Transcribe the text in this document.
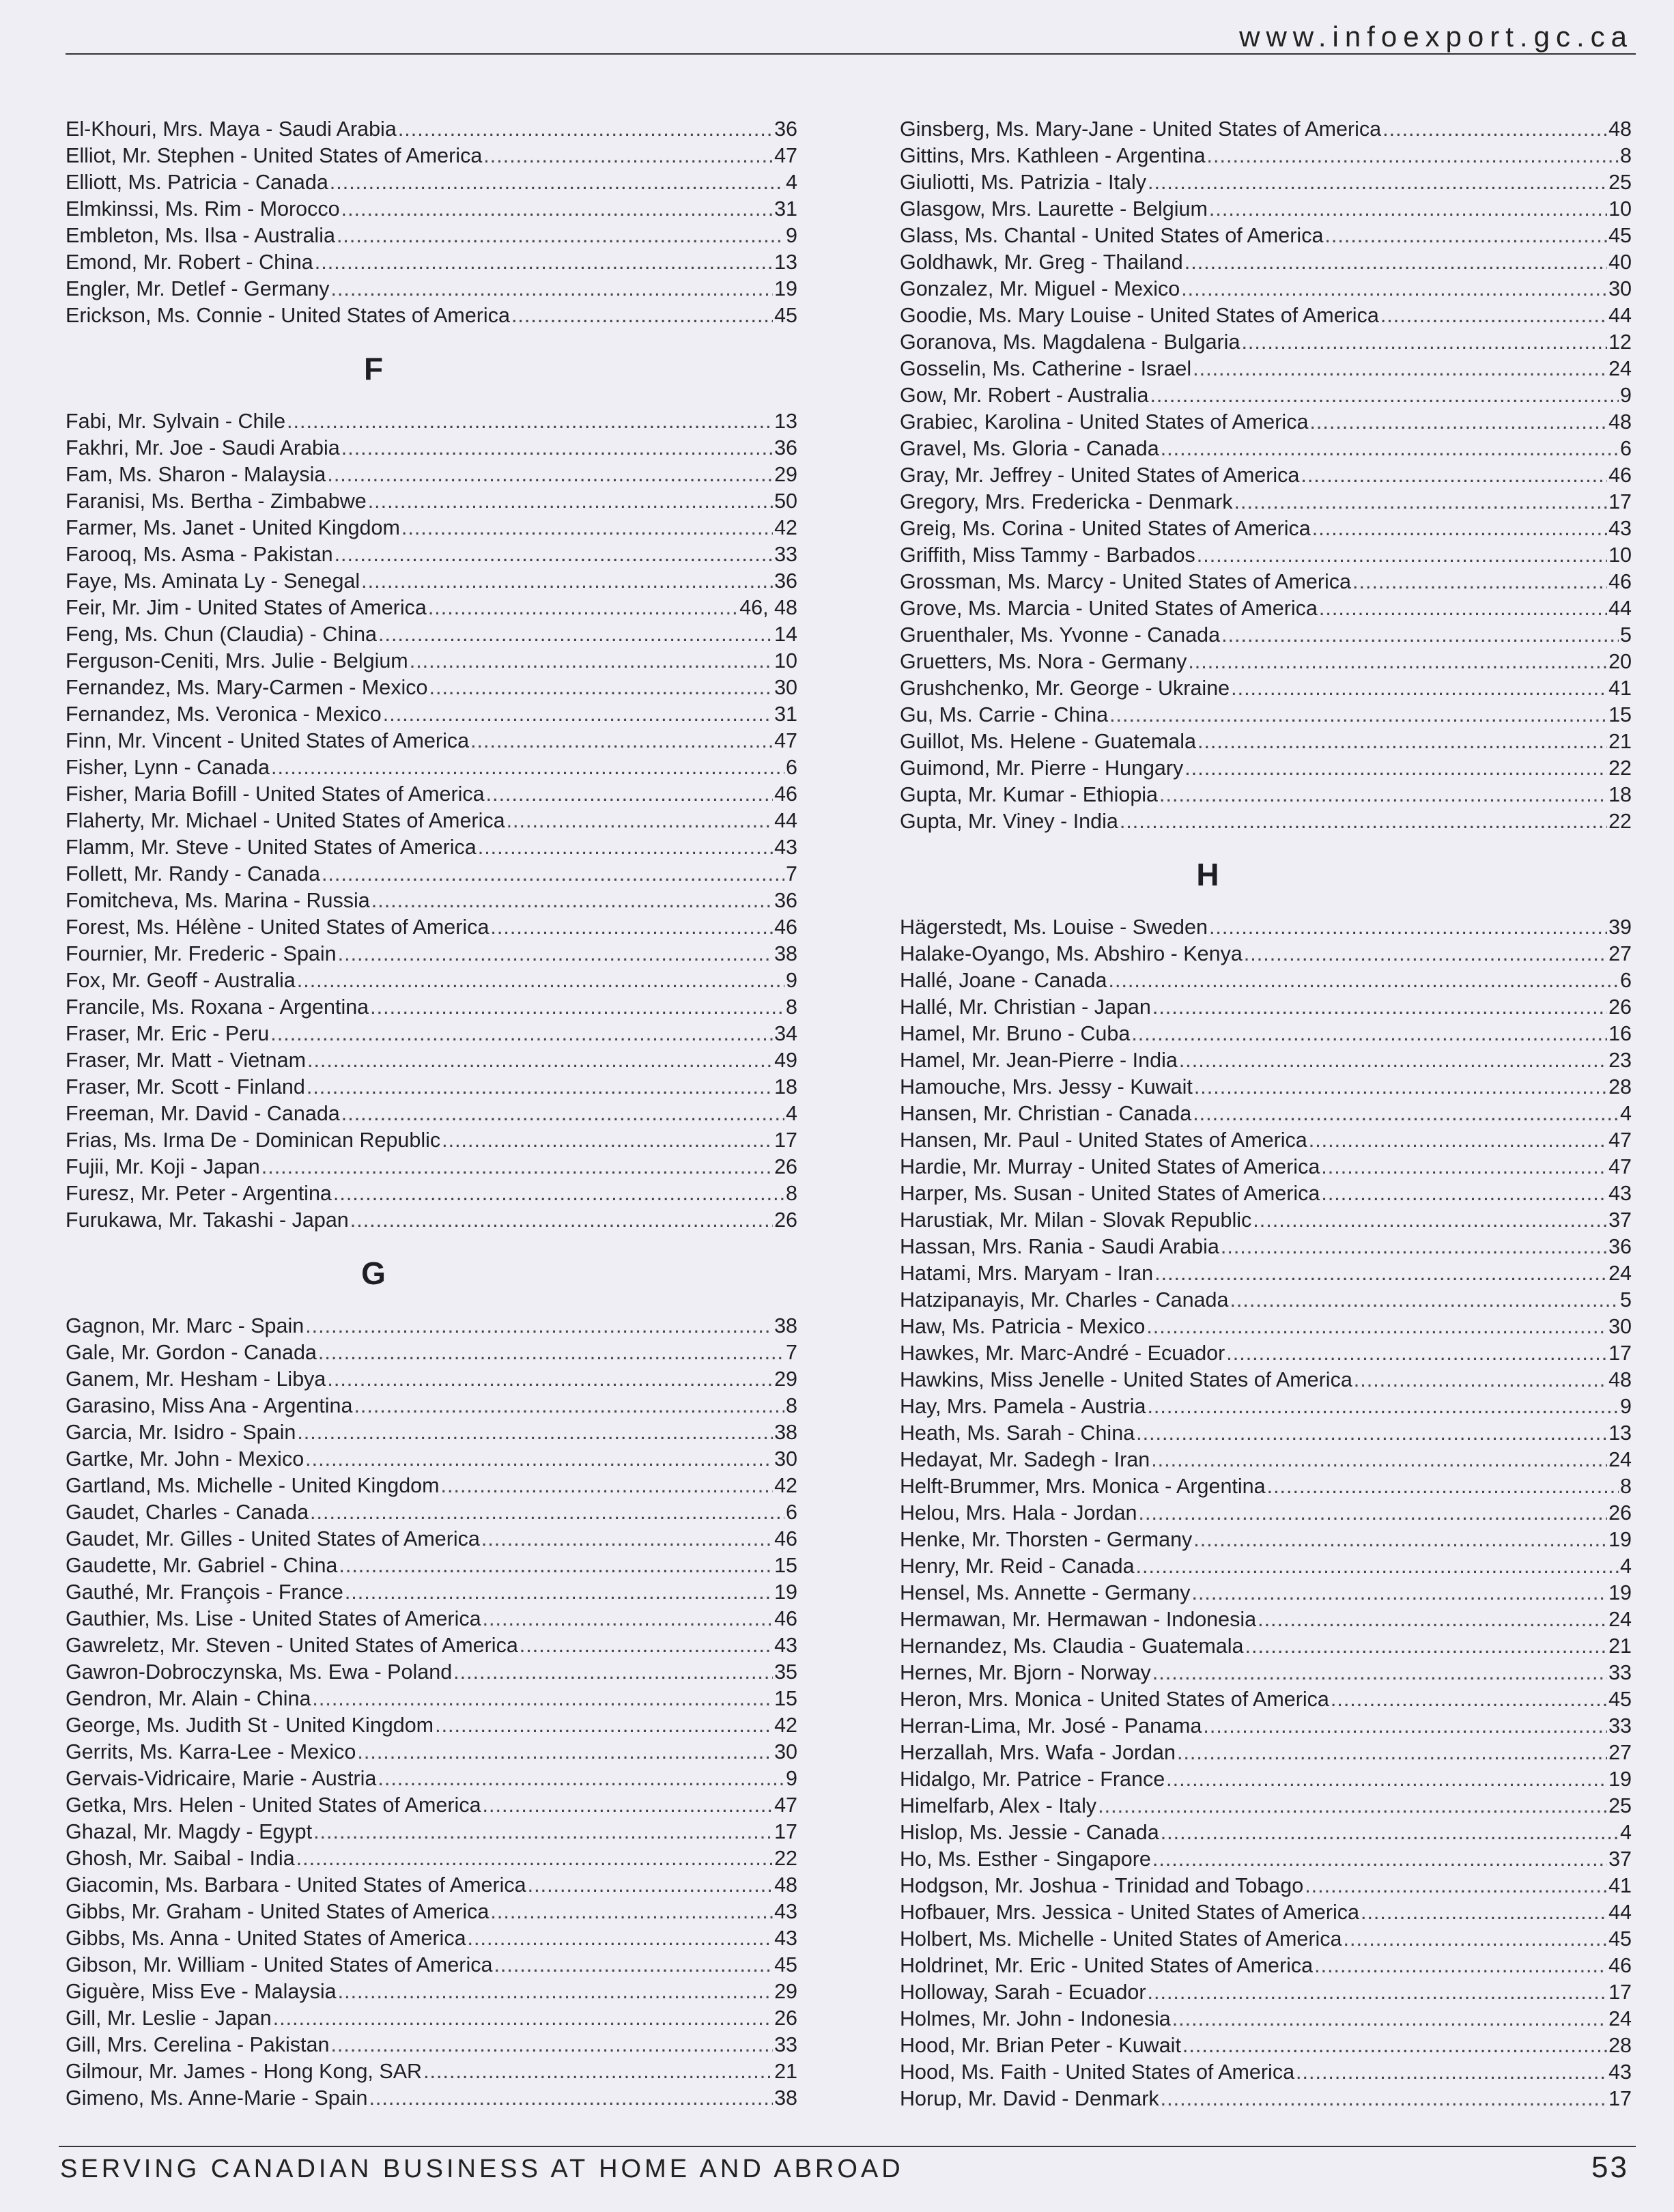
www.infoexport.gc.ca
El-Khouri, Mrs. Maya - Saudi Arabia .....	36
Elliot, Mr. Stephen - United States of America .....	47
Elliott, Ms. Patricia - Canada .....	4
Elmkinssi, Ms. Rim - Morocco .....	31
Embleton, Ms. Ilsa - Australia .....	9
Emond, Mr. Robert - China .....	13
Engler, Mr. Detlef - Germany .....	19
Erickson, Ms. Connie - United States of America .....	45
F
Fabi, Mr. Sylvain - Chile .....	13
Fakhri, Mr. Joe - Saudi Arabia .....	36
Fam, Ms. Sharon - Malaysia .....	29
Faranisi, Ms. Bertha - Zimbabwe .....	50
Farmer, Ms. Janet - United Kingdom .....	42
Farooq, Ms. Asma - Pakistan .....	33
Faye, Ms. Aminata Ly - Senegal .....	36
Feir, Mr. Jim - United States of America .....	46, 48
Feng, Ms. Chun (Claudia) - China .....	14
Ferguson-Ceniti, Mrs. Julie - Belgium .....	10
Fernandez, Ms. Mary-Carmen - Mexico .....	30
Fernandez, Ms. Veronica - Mexico .....	31
Finn, Mr. Vincent - United States of America .....	47
Fisher, Lynn - Canada .....	6
Fisher, Maria Bofill - United States of America .....	46
Flaherty, Mr. Michael - United States of America .....	44
Flamm, Mr. Steve - United States of America .....	43
Follett, Mr. Randy - Canada .....	7
Fomitcheva, Ms. Marina - Russia .....	36
Forest, Ms. Hélène - United States of America .....	46
Fournier, Mr. Frederic - Spain .....	38
Fox, Mr. Geoff - Australia .....	9
Francile, Ms. Roxana - Argentina .....	8
Fraser, Mr. Eric - Peru .....	34
Fraser, Mr. Matt - Vietnam .....	49
Fraser, Mr. Scott - Finland .....	18
Freeman, Mr. David - Canada .....	4
Frias, Ms. Irma De - Dominican Republic .....	17
Fujii, Mr. Koji - Japan .....	26
Furesz, Mr. Peter - Argentina .....	8
Furukawa, Mr. Takashi - Japan .....	26
G
Gagnon, Mr. Marc - Spain .....	38
Gale, Mr. Gordon - Canada .....	7
Ganem, Mr. Hesham - Libya .....	29
Garasino, Miss Ana - Argentina .....	8
Garcia, Mr. Isidro - Spain .....	38
Gartke, Mr. John - Mexico .....	30
Gartland, Ms. Michelle - United Kingdom .....	42
Gaudet, Charles - Canada .....	6
Gaudet, Mr. Gilles - United States of America .....	46
Gaudette, Mr. Gabriel - China .....	15
Gauthé, Mr. François - France .....	19
Gauthier, Ms. Lise - United States of America .....	46
Gawreletz, Mr. Steven - United States of America .....	43
Gawron-Dobroczynska, Ms. Ewa - Poland .....	35
Gendron, Mr. Alain - China .....	15
George, Ms. Judith St - United Kingdom .....	42
Gerrits, Ms. Karra-Lee - Mexico .....	30
Gervais-Vidricaire, Marie - Austria .....	9
Getka, Mrs. Helen - United States of America .....	47
Ghazal, Mr. Magdy - Egypt .....	17
Ghosh, Mr. Saibal - India .....	22
Giacomin, Ms. Barbara - United States of America .....	48
Gibbs, Mr. Graham - United States of America .....	43
Gibbs, Ms. Anna - United States of America .....	43
Gibson, Mr. William - United States of America .....	45
Giguère, Miss Eve - Malaysia .....	29
Gill, Mr. Leslie - Japan .....	26
Gill, Mrs. Cerelina - Pakistan .....	33
Gilmour, Mr. James - Hong Kong, SAR .....	21
Gimeno, Ms. Anne-Marie - Spain .....	38
Ginsberg, Ms. Mary-Jane - United States of America .....	48
Gittins, Mrs. Kathleen - Argentina .....	8
Giuliotti, Ms. Patrizia - Italy .....	25
Glasgow, Mrs. Laurette - Belgium .....	10
Glass, Ms. Chantal - United States of America .....	45
Goldhawk, Mr. Greg - Thailand .....	40
Gonzalez, Mr. Miguel - Mexico .....	30
Goodie, Ms. Mary Louise - United States of America .....	44
Goranova, Ms. Magdalena - Bulgaria .....	12
Gosselin, Ms. Catherine - Israel .....	24
Gow, Mr. Robert - Australia .....	9
Grabiec, Karolina - United States of America .....	48
Gravel, Ms. Gloria - Canada .....	6
Gray, Mr. Jeffrey - United States of America .....	46
Gregory, Mrs. Fredericka - Denmark .....	17
Greig, Ms. Corina - United States of America .....	43
Griffith, Miss Tammy - Barbados .....	10
Grossman, Ms. Marcy - United States of America .....	46
Grove, Ms. Marcia - United States of America .....	44
Gruenthaler, Ms. Yvonne - Canada .....	5
Gruetters, Ms. Nora - Germany .....	20
Grushchenko, Mr. George - Ukraine .....	41
Gu, Ms. Carrie - China .....	15
Guillot, Ms. Helene - Guatemala .....	21
Guimond, Mr. Pierre - Hungary .....	22
Gupta, Mr. Kumar - Ethiopia .....	18
Gupta, Mr. Viney - India .....	22
H
Hägerstedt, Ms. Louise - Sweden .....	39
Halake-Oyango, Ms. Abshiro - Kenya .....	27
Hallé, Joane - Canada .....	6
Hallé, Mr. Christian - Japan .....	26
Hamel, Mr. Bruno - Cuba .....	16
Hamel, Mr. Jean-Pierre - India .....	23
Hamouche, Mrs. Jessy - Kuwait .....	28
Hansen, Mr. Christian - Canada .....	4
Hansen, Mr. Paul - United States of America .....	47
Hardie, Mr. Murray - United States of America .....	47
Harper, Ms. Susan - United States of America .....	43
Harustiak, Mr. Milan - Slovak Republic .....	37
Hassan, Mrs. Rania - Saudi Arabia .....	36
Hatami, Mrs. Maryam - Iran .....	24
Hatzipanayis, Mr. Charles - Canada .....	5
Haw, Ms. Patricia - Mexico .....	30
Hawkes, Mr. Marc-André - Ecuador .....	17
Hawkins, Miss Jenelle - United States of America .....	48
Hay, Mrs. Pamela - Austria .....	9
Heath, Ms. Sarah - China .....	13
Hedayat, Mr. Sadegh - Iran .....	24
Helft-Brummer, Mrs. Monica - Argentina .....	8
Helou, Mrs. Hala - Jordan .....	26
Henke, Mr. Thorsten - Germany .....	19
Henry, Mr. Reid - Canada .....	4
Hensel, Ms. Annette - Germany .....	19
Hermawan, Mr. Hermawan - Indonesia .....	24
Hernandez, Ms. Claudia - Guatemala .....	21
Hernes, Mr. Bjorn - Norway .....	33
Heron, Mrs. Monica - United States of America .....	45
Herran-Lima, Mr. José - Panama .....	33
Herzallah, Mrs. Wafa - Jordan .....	27
Hidalgo, Mr. Patrice - France .....	19
Himelfarb, Alex - Italy .....	25
Hislop, Ms. Jessie - Canada .....	4
Ho, Ms. Esther - Singapore .....	37
Hodgson, Mr. Joshua - Trinidad and Tobago .....	41
Hofbauer, Mrs. Jessica - United States of America .....	44
Holbert, Ms. Michelle - United States of America .....	45
Holdrinet, Mr. Eric - United States of America .....	46
Holloway, Sarah - Ecuador .....	17
Holmes, Mr. John - Indonesia .....	24
Hood, Mr. Brian Peter - Kuwait .....	28
Hood, Ms. Faith - United States of America .....	43
Horup, Mr. David - Denmark .....	17
SERVING CANADIAN BUSINESS AT HOME AND ABROAD	53
